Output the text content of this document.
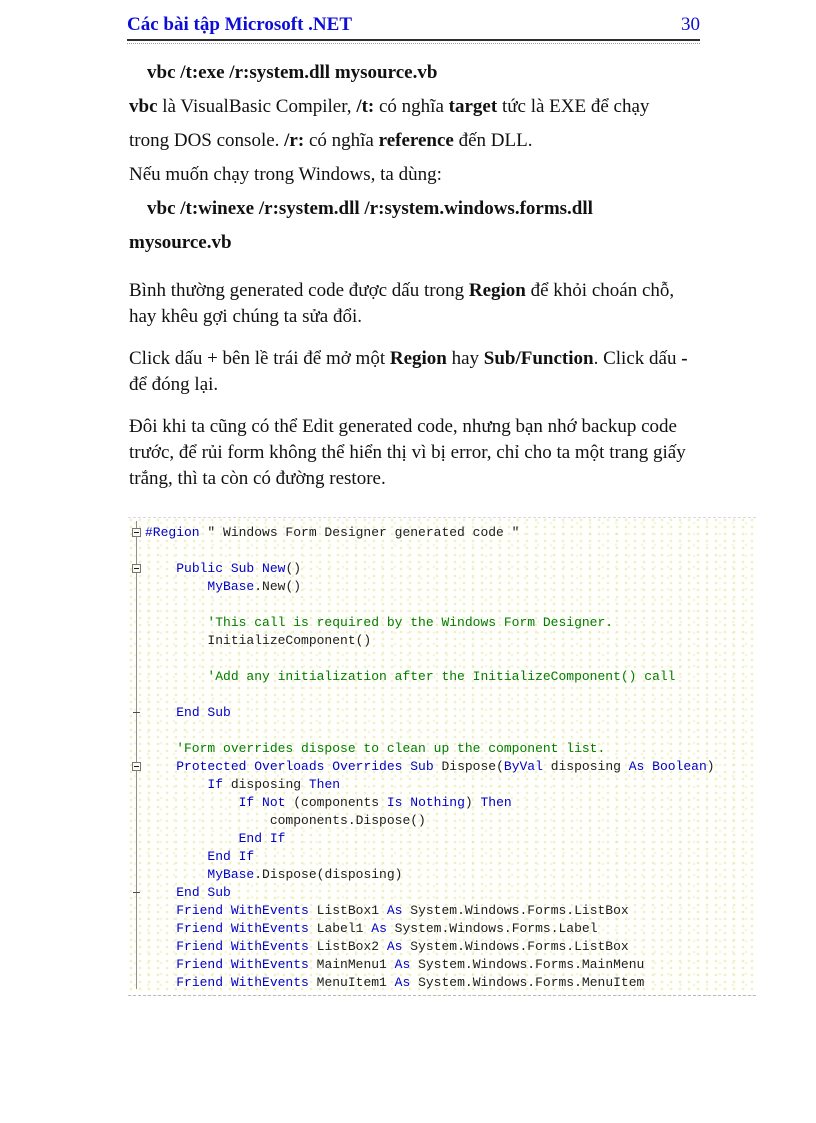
Các bài tập Microsoft .NET	30
vbc /t:exe /r:system.dll mysource.vb
vbc là VisualBasic Compiler, /t: có nghĩa target tức là EXE để chạy
trong DOS console. /r: có nghĩa reference đến DLL.
Nếu muốn chạy trong Windows, ta dùng:
vbc /t:winexe /r:system.dll /r:system.windows.forms.dll
mysource.vb
Bình thường generated code được dấu trong Region để khỏi choán chỗ,
hay khêu gợi chúng ta sửa đổi.
Click dấu + bên lề trái để mở một Region hay Sub/Function. Click dấu -
để đóng lại.
Đôi khi ta cũng có thể Edit generated code, nhưng bạn nhớ backup code
trước, để rủi form không thể hiển thị vì bị error, chỉ cho ta một trang giấy
trắng, thì ta còn có đường restore.
#Region " Windows Form Designer generated code "
Public Sub New()
MyBase.New()
'This call is required by the Windows Form Designer.
InitializeComponent()
'Add any initialization after the InitializeComponent() call
End Sub
'Form overrides dispose to clean up the component list.
Protected Overloads Overrides Sub Dispose(ByVal disposing As Boolean)
If disposing Then
If Not (components Is Nothing) Then
components.Dispose()
End If
End If
MyBase.Dispose(disposing)
End Sub
Friend WithEvents ListBox1 As System.Windows.Forms.ListBox
Friend WithEvents Label1 As System.Windows.Forms.Label
Friend WithEvents ListBox2 As System.Windows.Forms.ListBox
Friend WithEvents MainMenu1 As System.Windows.Forms.MainMenu
Friend WithEvents MenuItem1 As System.Windows.Forms.MenuItem
